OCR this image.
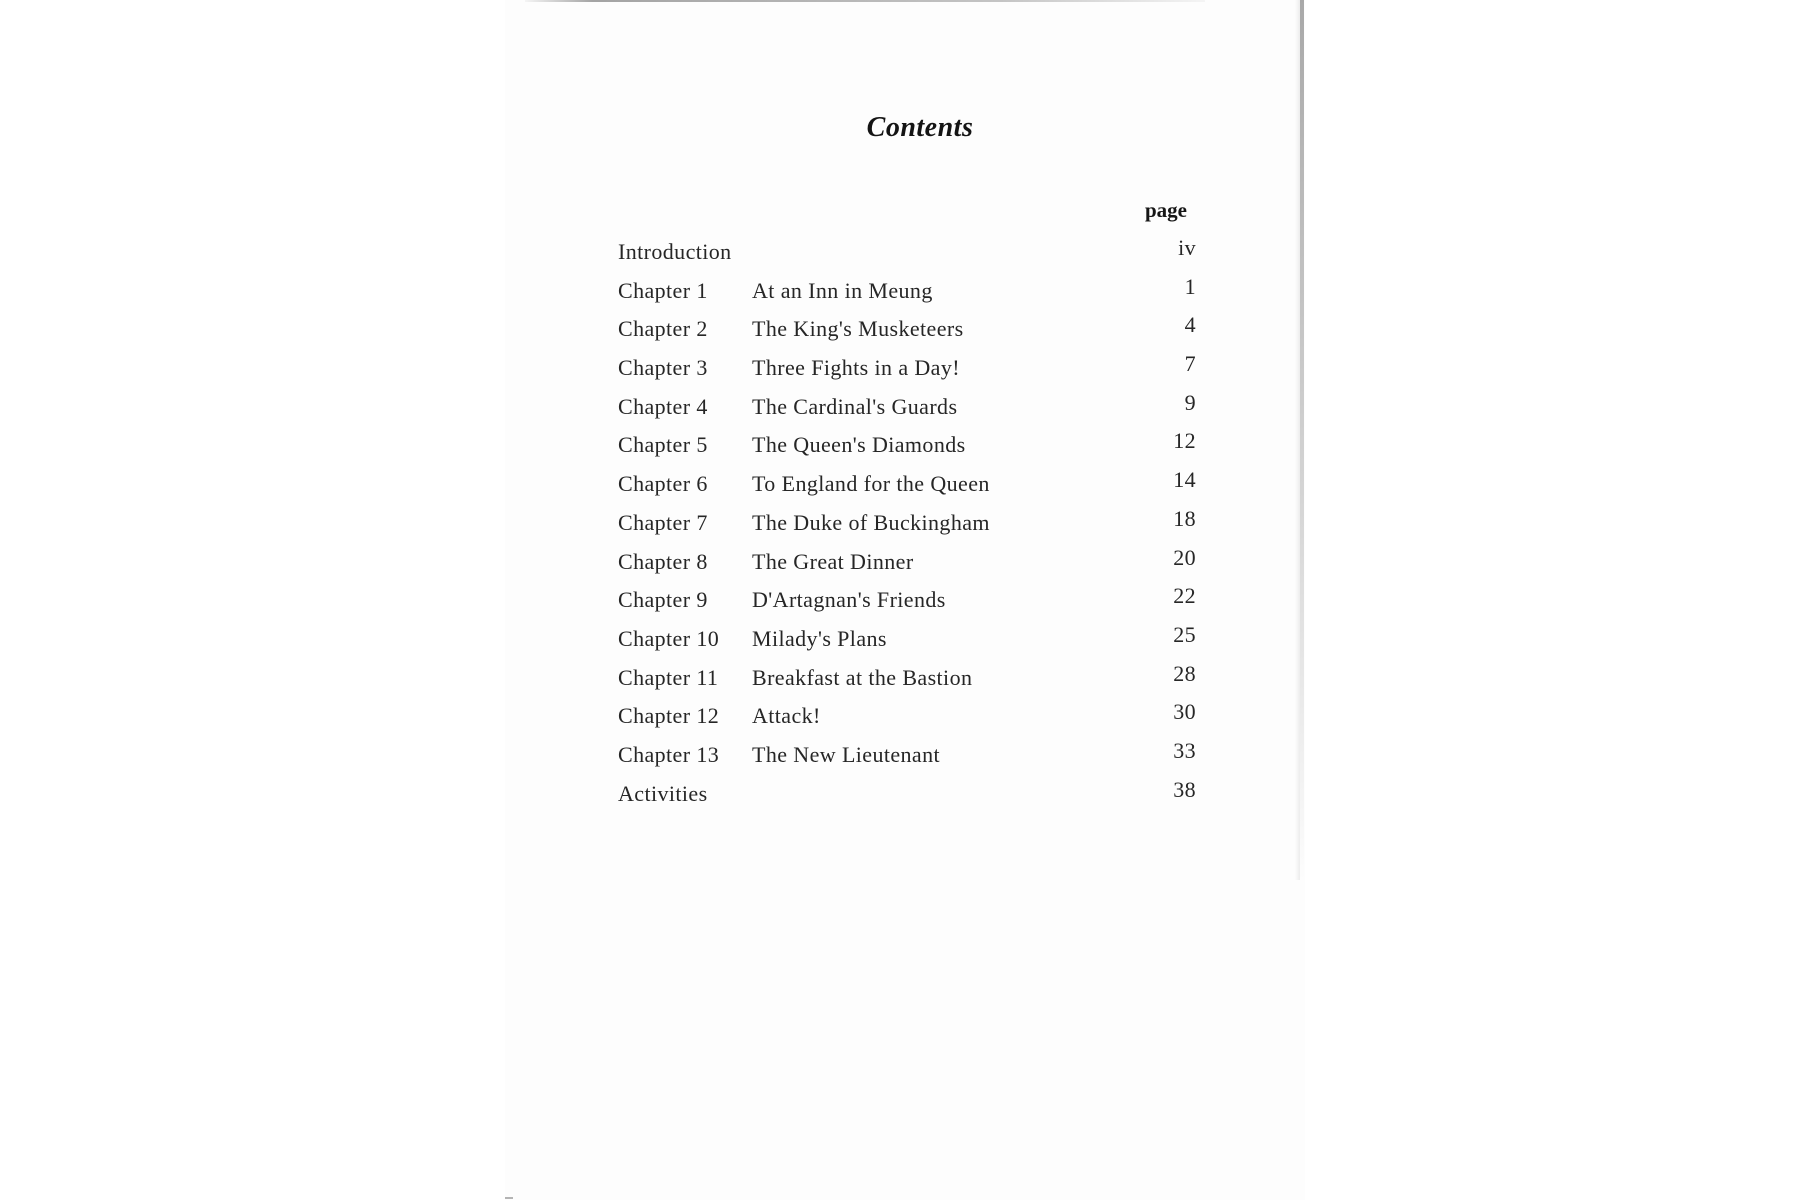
Contents
page
Introduction	iv
Chapter 1 At an Inn in Meung	1
Chapter 2 The King's Musketeers	4
Chapter 3 Three Fights in a Day!	7
Chapter 4 The Cardinal's Guards	9
Chapter 5 The Queen's Diamonds	12
Chapter 6 To England for the Queen	14
Chapter 7 The Duke of Buckingham	18
Chapter 8 The Great Dinner	20
Chapter 9 D'Artagnan's Friends	22
Chapter 10 Milady's Plans	25
Chapter 11 Breakfast at the Bastion	28
Chapter 12 Attack!	30
Chapter 13 The New Lieutenant	33
Activities	38
